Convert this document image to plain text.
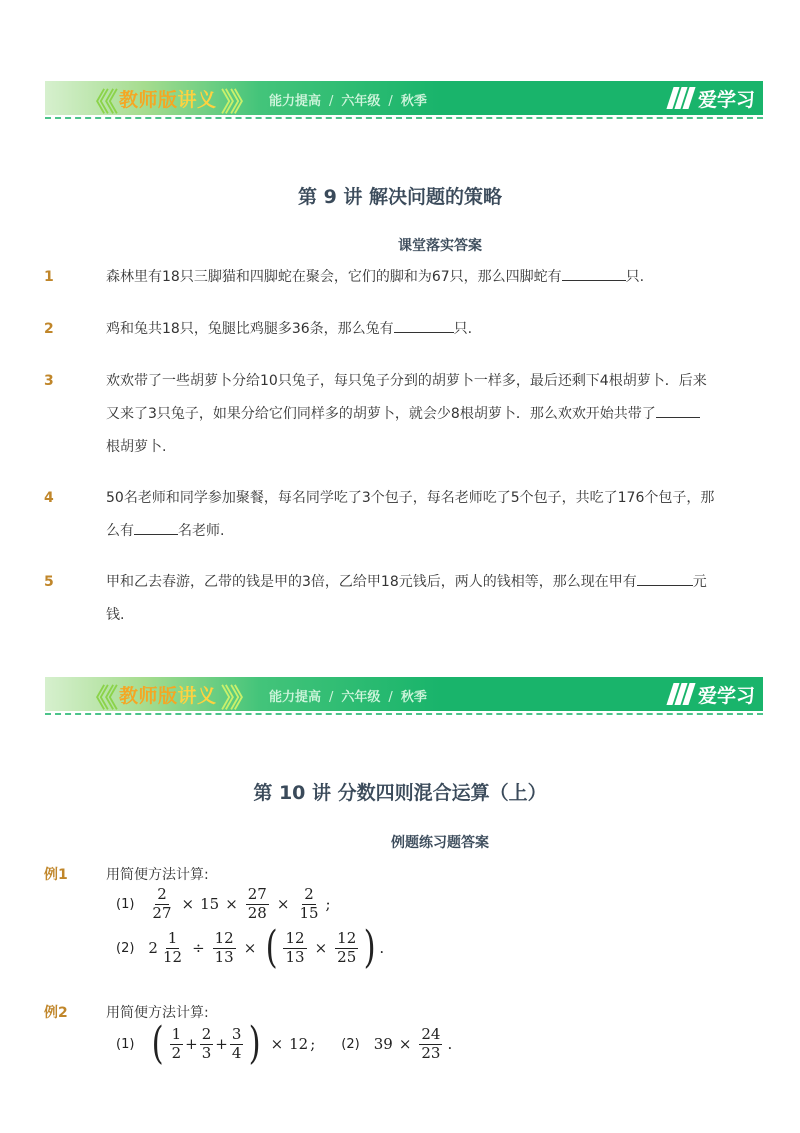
《《 教师版讲义 》》 能力提高 / 六年级 / 秋季	爱学习
第 9 讲 解决问题的策略
课堂落实答案
1	森林里有18只三脚猫和四脚蛇在聚会，它们的脚和为67只，那么四脚蛇有	只.
2	鸡和兔共18只，兔腿比鸡腿多36条，那么兔有	只.
3	欢欢带了一些胡萝卜分给10只兔子，每只兔子分到的胡萝卜一样多，最后还剩下4根胡萝卜．后来又来了3只兔子，如果分给它们同样多的胡萝卜，就会少8根胡萝卜．那么欢欢开始共带了
根胡萝卜.
4	50名老师和同学参加聚餐，每名同学吃了3个包子，每名老师吃了5个包子，共吃了176个包子，那么有	名老师.
5	甲和乙去春游，乙带的钱是甲的3倍，乙给甲18元钱后，两人的钱相等，那么现在甲有	元钱.
《《 教师版讲义 》》 能力提高 / 六年级 / 秋季	爱学习
第 10 讲 分数四则混合运算（上）
例题练习题答案
例1	用简便方法计算:
$(1) \frac{2}{27} \times 15 \times \frac{27}{28} \times \frac{2}{15}$ ;
(2) $2 \frac{1}{12} \div \frac{12}{13}$ × ( $\frac{12}{13} \times \frac{12}{25}$ ) .
例2	用简便方法计算:
(1) ( $\frac{1}{2} + \frac{2}{3} + \frac{3}{4}$ ) × 12 ; (2) $39 \times \frac{24}{23}$ .
